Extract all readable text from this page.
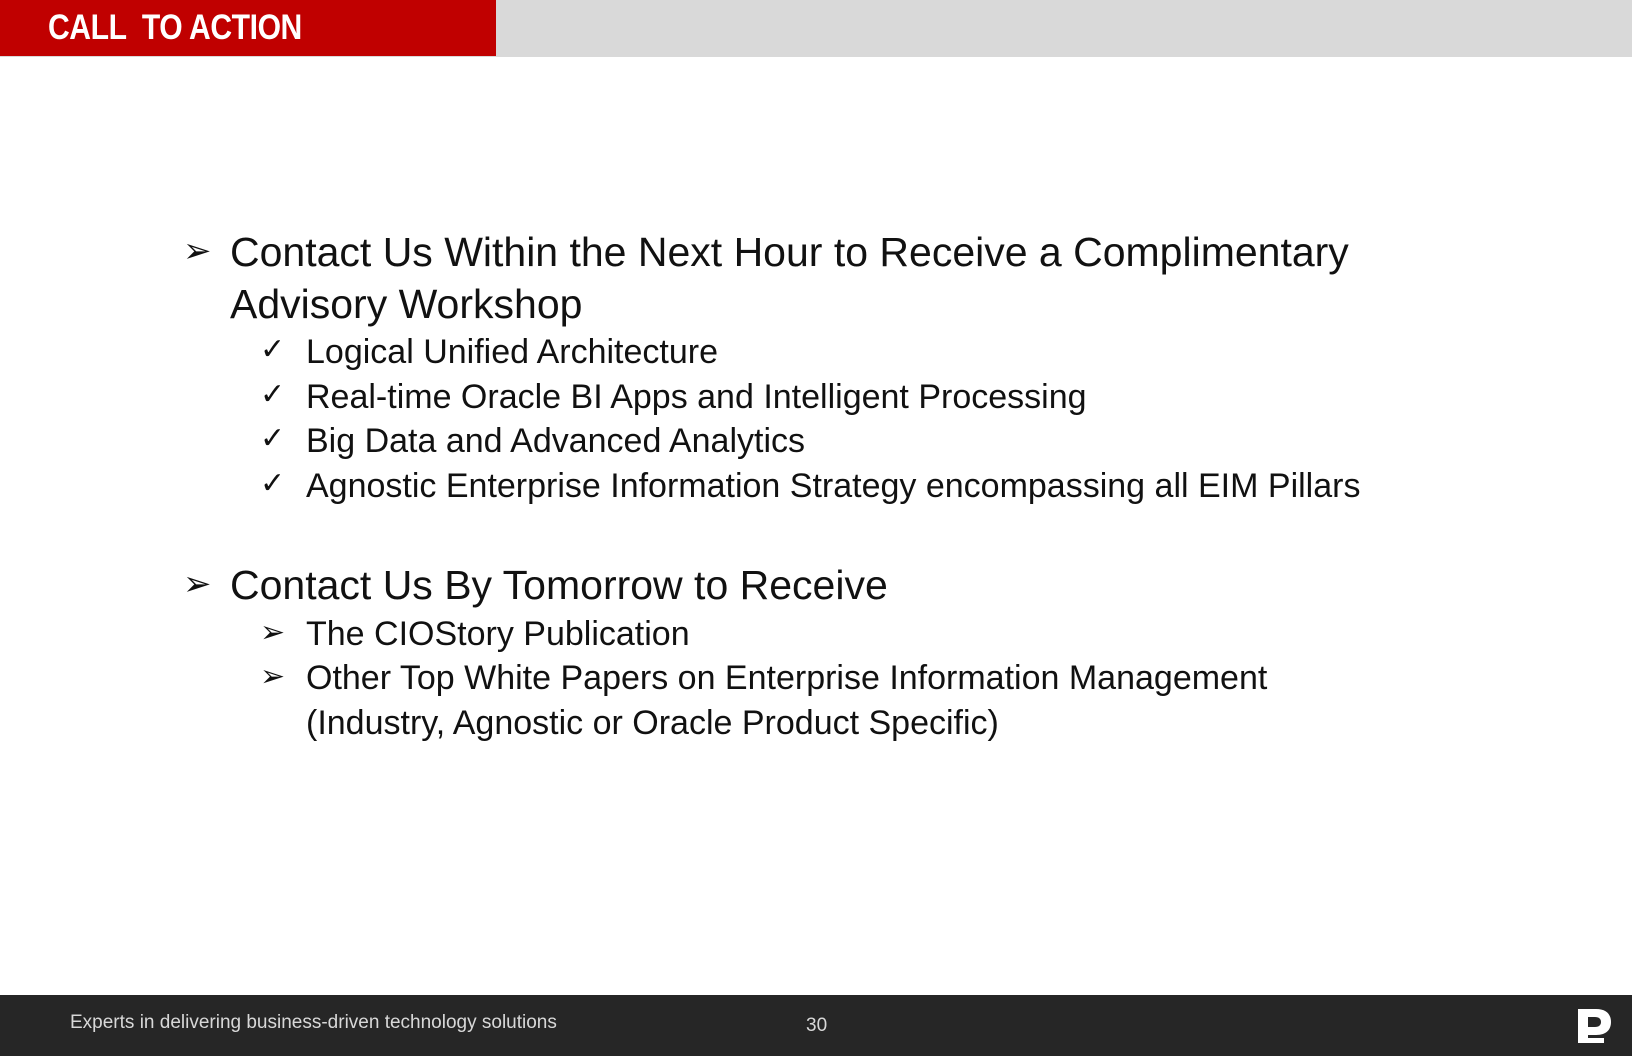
CALL  TO ACTION
➢ Contact Us Within the Next Hour to Receive a Complimentary
Advisory Workshop
✓ Logical Unified Architecture
✓ Real-time Oracle BI Apps and Intelligent Processing
✓ Big Data and Advanced Analytics
✓ Agnostic Enterprise Information Strategy encompassing all EIM Pillars
➢ Contact Us By Tomorrow to Receive
➢ The CIOStory Publication
➢ Other Top White Papers on Enterprise Information Management
(Industry, Agnostic or Oracle Product Specific)
Experts in delivering business-driven technology solutions	30
